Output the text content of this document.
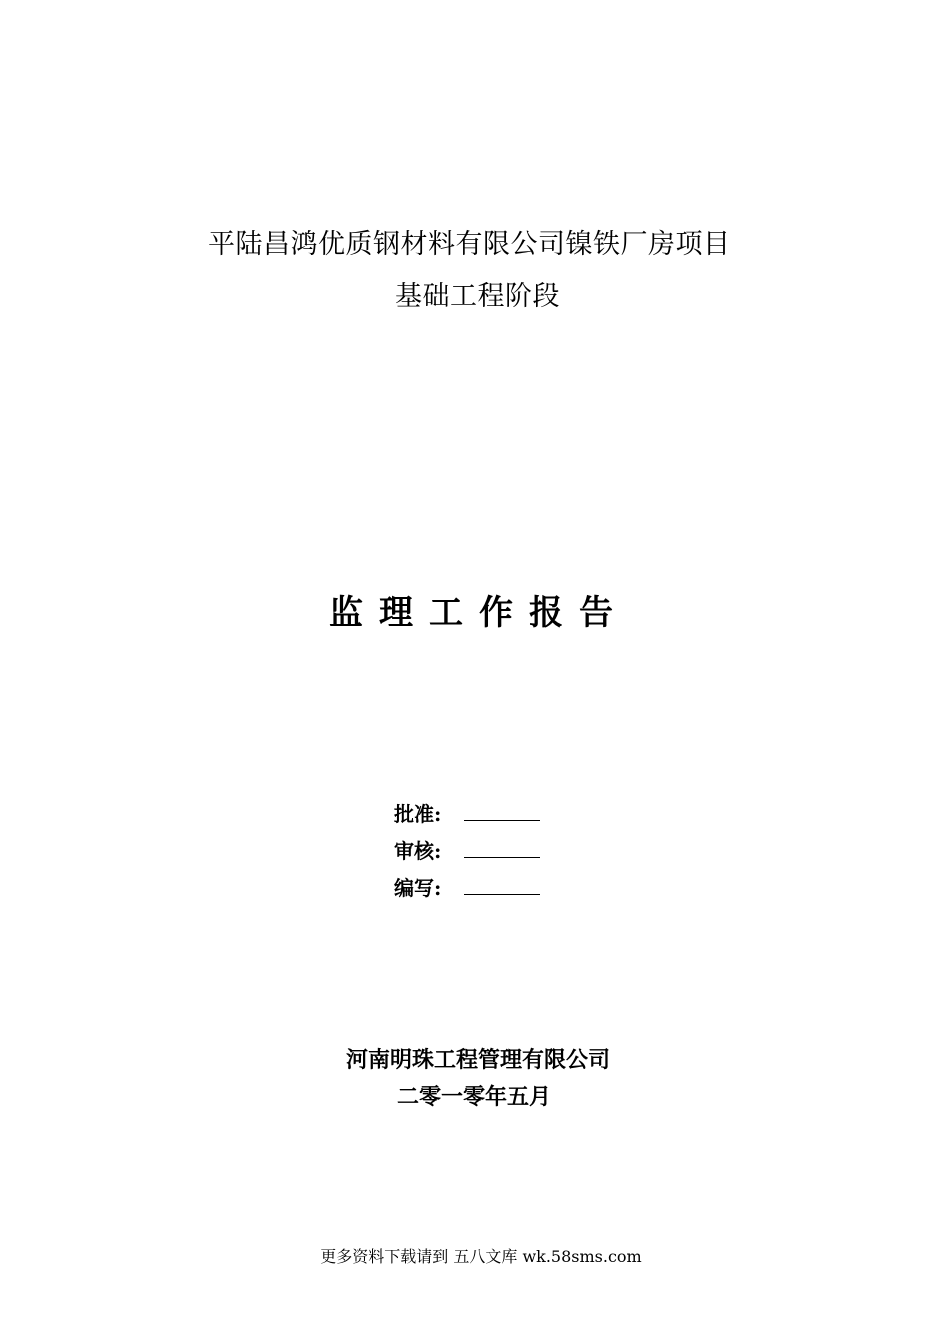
平陆昌鸿优质钢材料有限公司镍铁厂房项目
基础工程阶段
监理工作报告
批准:
审核:
编写:
河南明珠工程管理有限公司
二零一零年五月
更多资料下载请到 五八文库 wk.58sms.com
